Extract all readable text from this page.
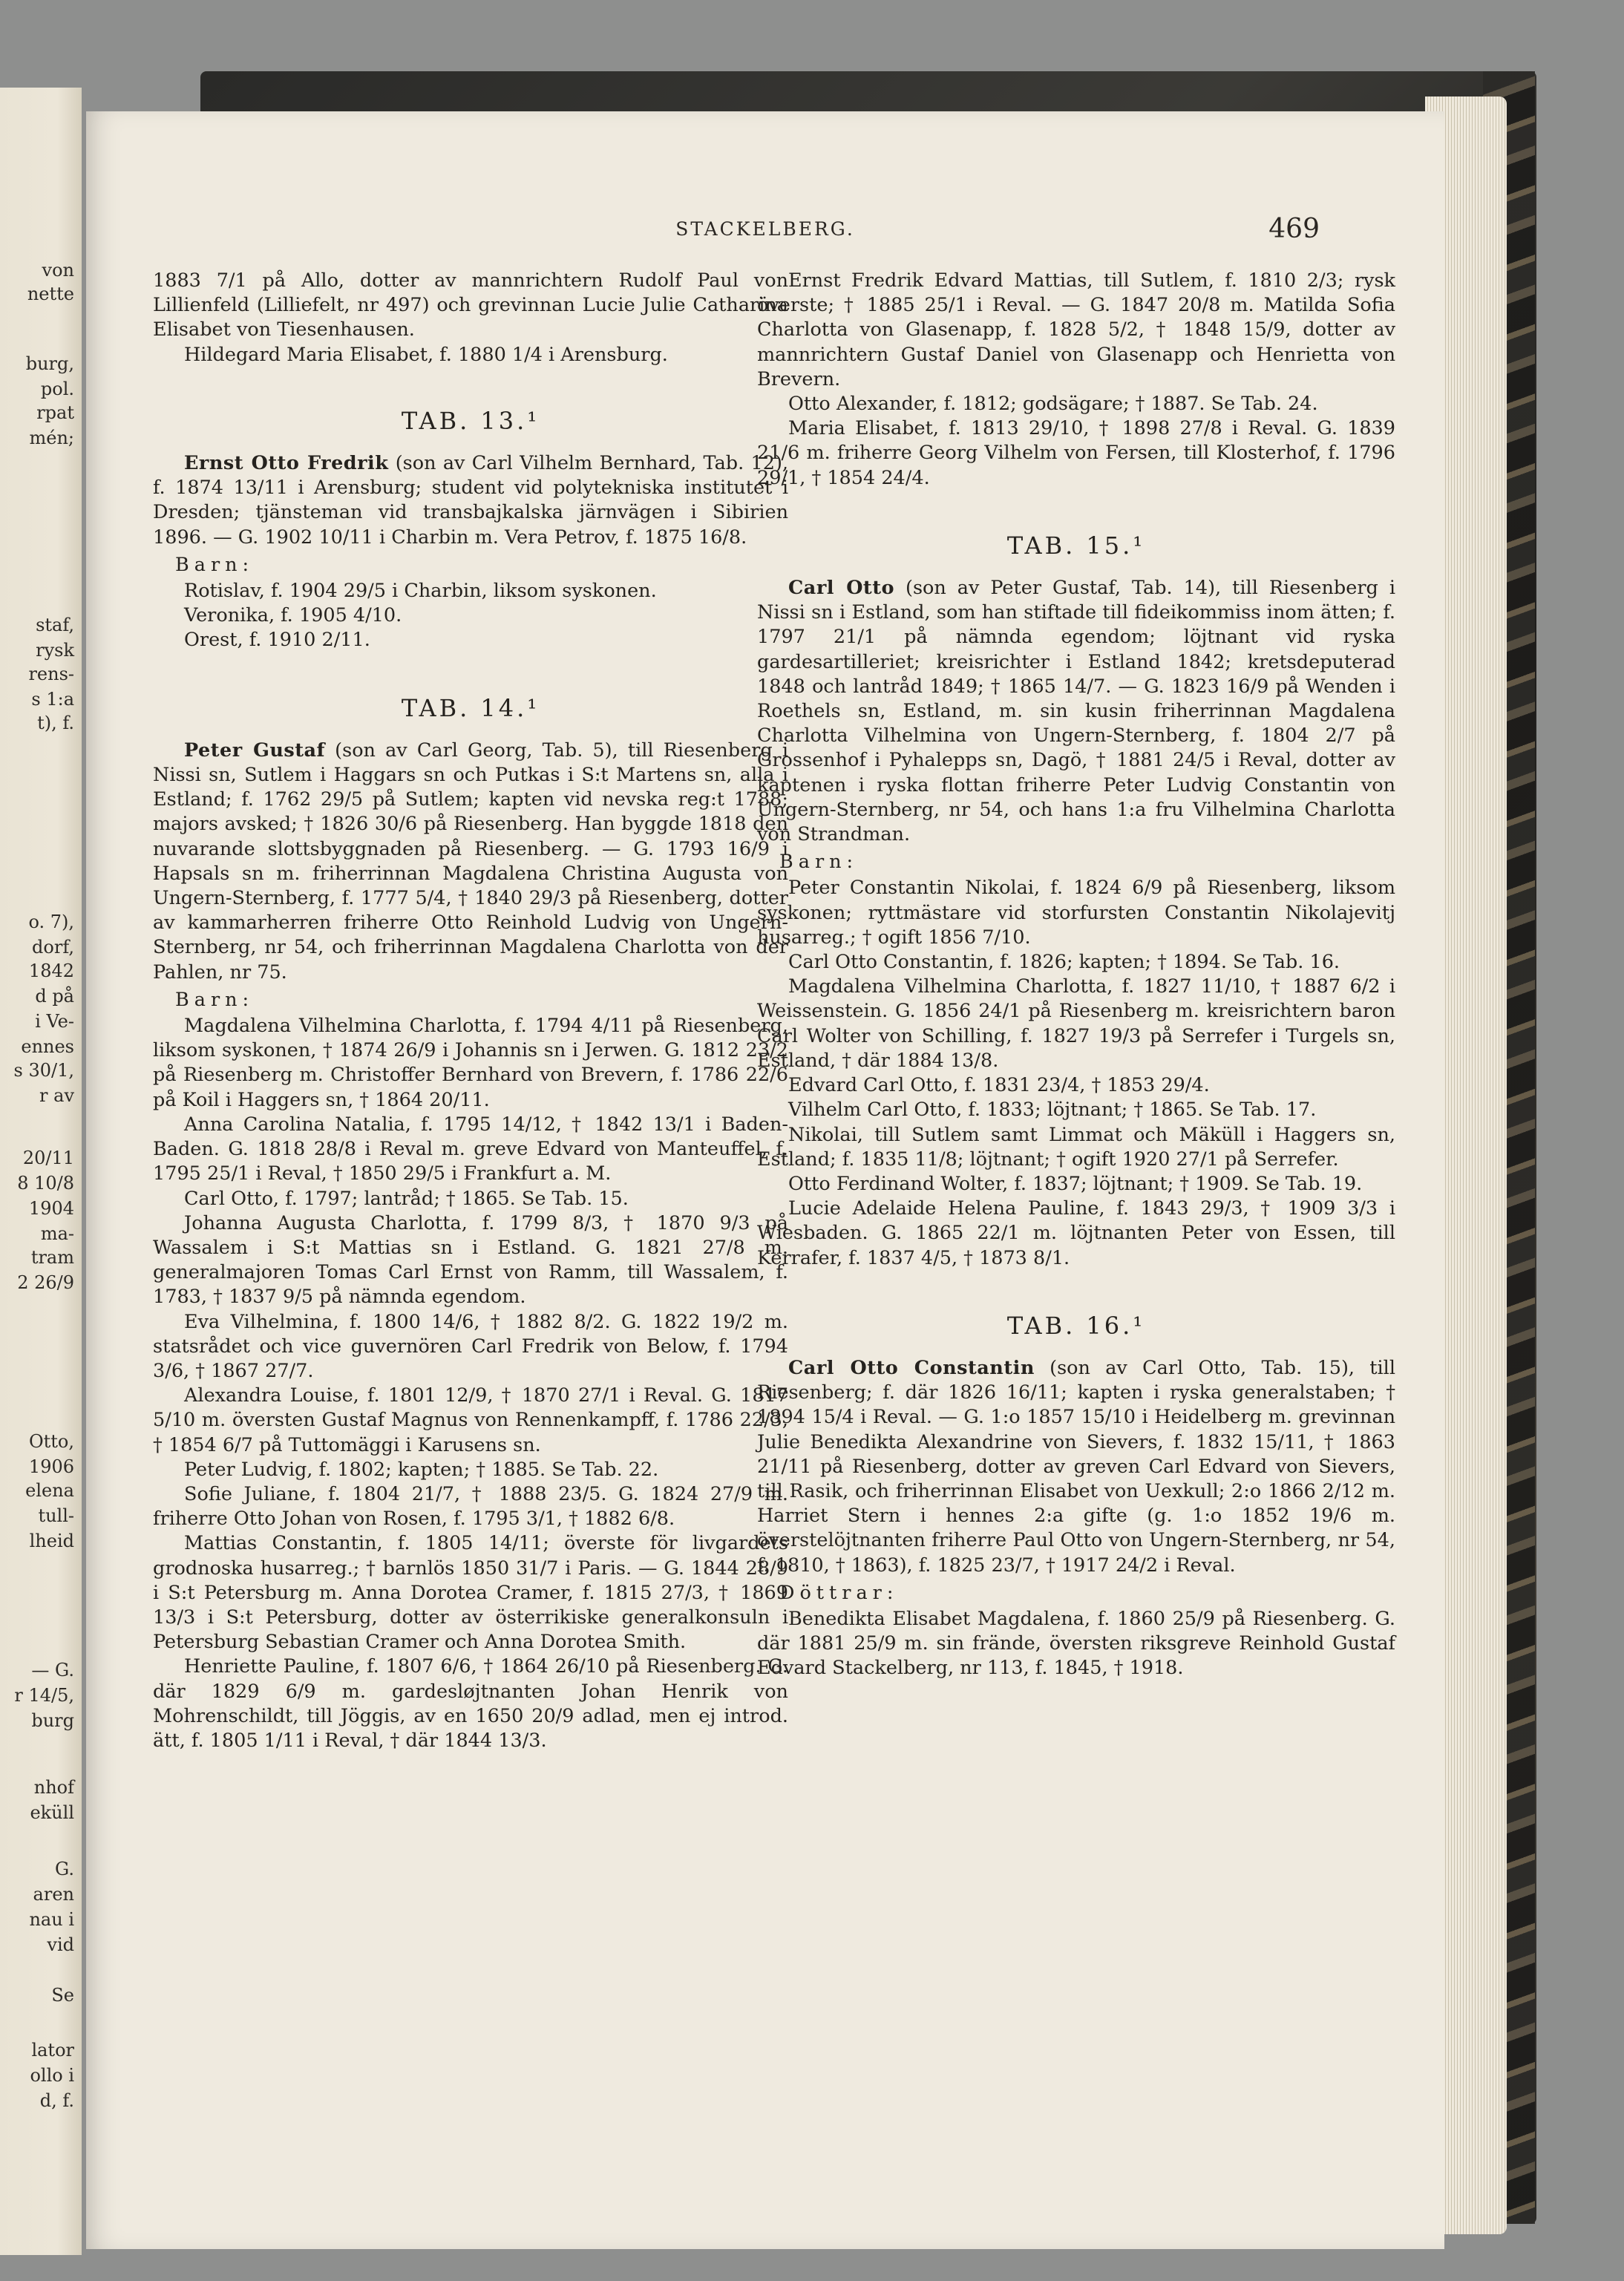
von
nette
burg,
pol.
rpat
mén;
staf,
rysk
rens-
s 1:a
t), f.
o. 7),
dorf,
1842
d på
i Ve-
ennes
s 30/1,
r av
20/11
8 10/8
1904
ma-
tram
2 26/9
Otto,
1906
elena
tull-
lheid
— G.
r 14/5,
burg
nhof
eküll
G.
aren
nau i
vid
Se
lator
ollo i
d, f.
STACKELBERG.	469

1883 7/1 på Allo, dotter av mannrichtern Rudolf Paul von Lillienfeld (Lilliefelt, nr 497) och grevinnan Lucie Julie Catharina Elisabet von Tiesenhausen.

Hildegard Maria Elisabet, f. 1880 1/4 i Arensburg.

TAB. 13.¹

Ernst Otto Fredrik (son av Carl Vilhelm Bernhard, Tab. 12), f. 1874 13/11 i Arensburg; student vid polytekniska institutet i Dresden; tjänsteman vid transbajkalska järnvägen i Sibirien 1896. — G. 1902 10/11 i Charbin m. Vera Petrov, f. 1875 16/8.

Barn:

Rotislav, f. 1904 29/5 i Charbin, liksom syskonen.

Veronika, f. 1905 4/10.

Orest, f. 1910 2/11.

TAB. 14.¹

Peter Gustaf (son av Carl Georg, Tab. 5), till Riesenberg i Nissi sn, Sutlem i Haggars sn och Putkas i S:t Martens sn, alla i Estland; f. 1762 29/5 på Sutlem; kapten vid nevska reg:t 1788; majors avsked; † 1826 30/6 på Riesenberg. Han byggde 1818 den nuvarande slottsbyggnaden på Riesenberg. — G. 1793 16/9 i Hapsals sn m. friherrinnan Magdalena Christina Augusta von Ungern-Sternberg, f. 1777 5/4, † 1840 29/3 på Riesenberg, dotter av kammarherren friherre Otto Reinhold Ludvig von Ungern-Sternberg, nr 54, och friherrinnan Magdalena Charlotta von der Pahlen, nr 75.

Barn:

Magdalena Vilhelmina Charlotta, f. 1794 4/11 på Riesenberg, liksom syskonen, † 1874 26/9 i Johannis sn i Jerwen. G. 1812 23/2 på Riesenberg m. Christoffer Bernhard von Brevern, f. 1786 22/6 på Koil i Haggers sn, † 1864 20/11.

Anna Carolina Natalia, f. 1795 14/12, † 1842 13/1 i Baden-Baden. G. 1818 28/8 i Reval m. greve Edvard von Manteuffel, f. 1795 25/1 i Reval, † 1850 29/5 i Frankfurt a. M.

Carl Otto, f. 1797; lantråd; † 1865. Se Tab. 15.

Johanna Augusta Charlotta, f. 1799 8/3, † 1870 9/3 på Wassalem i S:t Mattias sn i Estland. G. 1821 27/8 m. generalmajoren Tomas Carl Ernst von Ramm, till Wassalem, f. 1783, † 1837 9/5 på nämnda egendom.

Eva Vilhelmina, f. 1800 14/6, † 1882 8/2. G. 1822 19/2 m. statsrådet och vice guvernören Carl Fredrik von Below, f. 1794 3/6, † 1867 27/7.

Alexandra Louise, f. 1801 12/9, † 1870 27/1 i Reval. G. 1817 5/10 m. översten Gustaf Magnus von Rennenkampff, f. 1786 22/3, † 1854 6/7 på Tuttomäggi i Karusens sn.

Peter Ludvig, f. 1802; kapten; † 1885. Se Tab. 22.

Sofie Juliane, f. 1804 21/7, † 1888 23/5. G. 1824 27/9 m. friherre Otto Johan von Rosen, f. 1795 3/1, † 1882 6/8.

Mattias Constantin, f. 1805 14/11; överste för livgardets grodnoska husarreg.; † barnlös 1850 31/7 i Paris. — G. 1844 28/9 i S:t Petersburg m. Anna Dorotea Cramer, f. 1815 27/3, † 1869 13/3 i S:t Petersburg, dotter av österrikiske generalkonsuln i Petersburg Sebastian Cramer och Anna Dorotea Smith.

Henriette Pauline, f. 1807 6/6, † 1864 26/10 på Riesenberg. G. där 1829 6/9 m. gardesløjtnanten Johan Henrik von Mohrenschildt, till Jöggis, av en 1650 20/9 adlad, men ej introd. ätt, f. 1805 1/11 i Reval, † där 1844 13/3.

Ernst Fredrik Edvard Mattias, till Sutlem, f. 1810 2/3; rysk överste; † 1885 25/1 i Reval. — G. 1847 20/8 m. Matilda Sofia Charlotta von Glasenapp, f. 1828 5/2, † 1848 15/9, dotter av mannrichtern Gustaf Daniel von Glasenapp och Henrietta von Brevern.

Otto Alexander, f. 1812; godsägare; † 1887. Se Tab. 24.

Maria Elisabet, f. 1813 29/10, † 1898 27/8 i Reval. G. 1839 21/6 m. friherre Georg Vilhelm von Fersen, till Klosterhof, f. 1796 29/1, † 1854 24/4.

TAB. 15.¹

Carl Otto (son av Peter Gustaf, Tab. 14), till Riesenberg i Nissi sn i Estland, som han stiftade till fideikommiss inom ätten; f. 1797 21/1 på nämnda egendom; löjtnant vid ryska gardesartilleriet; kreisrichter i Estland 1842; kretsdeputerad 1848 och lantråd 1849; † 1865 14/7. — G. 1823 16/9 på Wenden i Roethels sn, Estland, m. sin kusin friherrinnan Magdalena Charlotta Vilhelmina von Ungern-Sternberg, f. 1804 2/7 på Grossenhof i Pyhalepps sn, Dagö, † 1881 24/5 i Reval, dotter av kaptenen i ryska flottan friherre Peter Ludvig Constantin von Ungern-Sternberg, nr 54, och hans 1:a fru Vilhelmina Charlotta von Strandman.

Barn:

Peter Constantin Nikolai, f. 1824 6/9 på Riesenberg, liksom syskonen; ryttmästare vid storfursten Constantin Nikolajevitj husarreg.; † ogift 1856 7/10.

Carl Otto Constantin, f. 1826; kapten; † 1894. Se Tab. 16.

Magdalena Vilhelmina Charlotta, f. 1827 11/10, † 1887 6/2 i Weissenstein. G. 1856 24/1 på Riesenberg m. kreisrichtern baron Carl Wolter von Schilling, f. 1827 19/3 på Serrefer i Turgels sn, Estland, † där 1884 13/8.

Edvard Carl Otto, f. 1831 23/4, † 1853 29/4.

Vilhelm Carl Otto, f. 1833; löjtnant; † 1865. Se Tab. 17.

Nikolai, till Sutlem samt Limmat och Mäküll i Haggers sn, Estland; f. 1835 11/8; löjtnant; † ogift 1920 27/1 på Serrefer.

Otto Ferdinand Wolter, f. 1837; löjtnant; † 1909. Se Tab. 19.

Lucie Adelaide Helena Pauline, f. 1843 29/3, † 1909 3/3 i Wiesbaden. G. 1865 22/1 m. löjtnanten Peter von Essen, till Kerrafer, f. 1837 4/5, † 1873 8/1.

TAB. 16.¹

Carl Otto Constantin (son av Carl Otto, Tab. 15), till Riesenberg; f. där 1826 16/11; kapten i ryska generalstaben; † 1894 15/4 i Reval. — G. 1:o 1857 15/10 i Heidelberg m. grevinnan Julie Benedikta Alexandrine von Sievers, f. 1832 15/11, † 1863 21/11 på Riesenberg, dotter av greven Carl Edvard von Sievers, till Rasik, och friherrinnan Elisabet von Uexkull; 2:o 1866 2/12 m. Harriet Stern i hennes 2:a gifte (g. 1:o 1852 19/6 m. överstelöjtnanten friherre Paul Otto von Ungern-Sternberg, nr 54, f. 1810, † 1863), f. 1825 23/7, † 1917 24/2 i Reval.

Döttrar:

Benedikta Elisabet Magdalena, f. 1860 25/9 på Riesenberg. G. där 1881 25/9 m. sin frände, översten riksgreve Reinhold Gustaf Edvard Stackelberg, nr 113, f. 1845, † 1918.
